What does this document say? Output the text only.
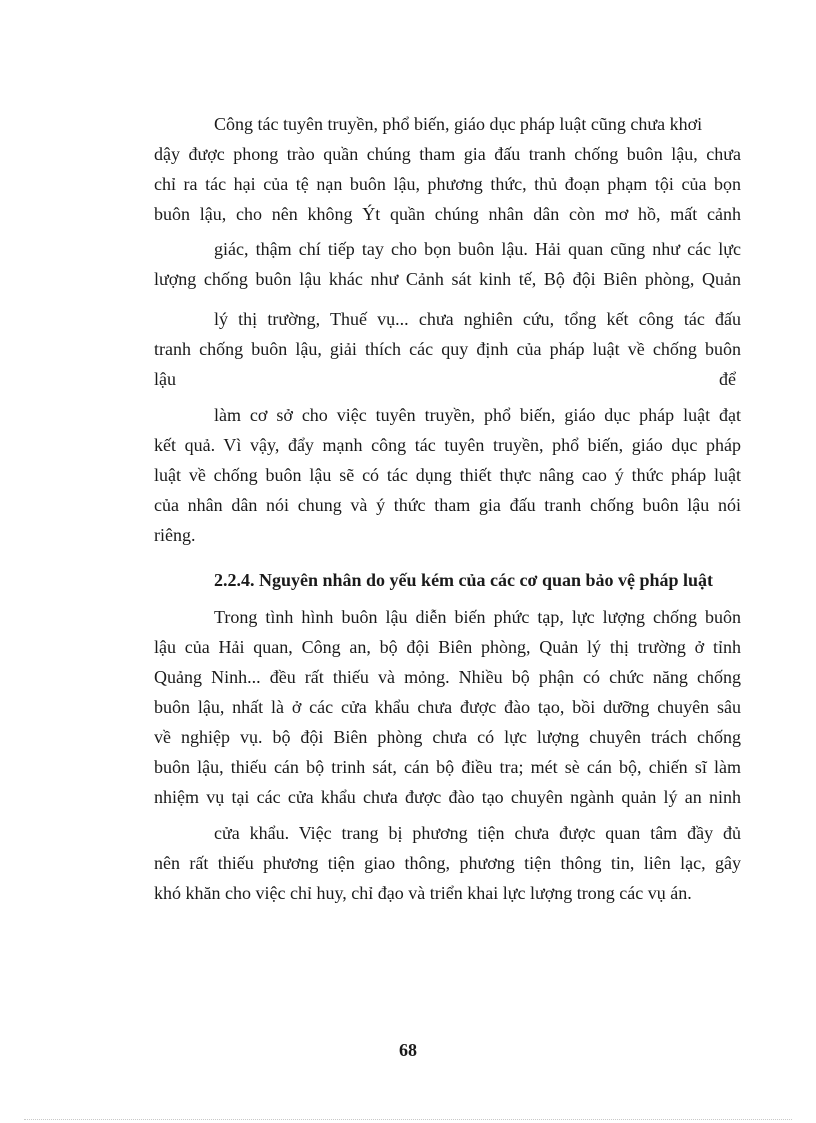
Công tác tuyên truyền, phổ biến, giáo dục pháp luật cũng chưa khơi
dậy được phong trào quần chúng tham gia đấu tranh chống buôn lậu, chưa
chỉ ra tác hại của tệ nạn buôn lậu, phương thức, thủ đoạn phạm tội của bọn
buôn lậu, cho nên không Ýt quần chúng nhân dân còn mơ hồ, mất cảnh
giác, thậm chí tiếp tay cho bọn buôn lậu. Hải quan cũng như các lực
lượng chống buôn lậu khác như Cảnh sát kinh tế, Bộ đội Biên phòng, Quản
lý thị trường, Thuế vụ... chưa nghiên cứu, tổng kết công tác đấu
tranh chống buôn lậu, giải thích các quy định của pháp luật về chống buôn
lậu	để
làm cơ sở cho việc tuyên truyền, phổ biến, giáo dục pháp luật đạt
kết quả. Vì vậy, đẩy mạnh công tác tuyên truyền, phổ biến, giáo dục pháp
luật về chống buôn lậu sẽ có tác dụng thiết thực nâng cao ý thức pháp luật
của nhân dân nói chung và ý thức tham gia đấu tranh chống buôn lậu nói
riêng.
2.2.4. Nguyên nhân do yếu kém của các cơ quan bảo vệ pháp luật
Trong tình hình buôn lậu diễn biến phức tạp, lực lượng chống buôn
lậu của Hải quan, Công an, bộ đội Biên phòng, Quản lý thị trường ở tỉnh
Quảng Ninh... đều rất thiếu và mỏng. Nhiều bộ phận có chức năng chống
buôn lậu, nhất là ở các cửa khẩu chưa được đào tạo, bồi dưỡng chuyên sâu
về nghiệp vụ. bộ đội Biên phòng chưa có lực lượng chuyên trách chống
buôn lậu, thiếu cán bộ trinh sát, cán bộ điều tra; mét sè cán bộ, chiến sĩ làm
nhiệm vụ tại các cửa khẩu chưa được đào tạo chuyên ngành quản lý an ninh
cửa khẩu. Việc trang bị phương tiện chưa được quan tâm đầy đủ
nên rất thiếu phương tiện giao thông, phương tiện thông tin, liên lạc, gây
khó khăn cho việc chỉ huy, chỉ đạo và triển khai lực lượng trong các vụ án.
68
